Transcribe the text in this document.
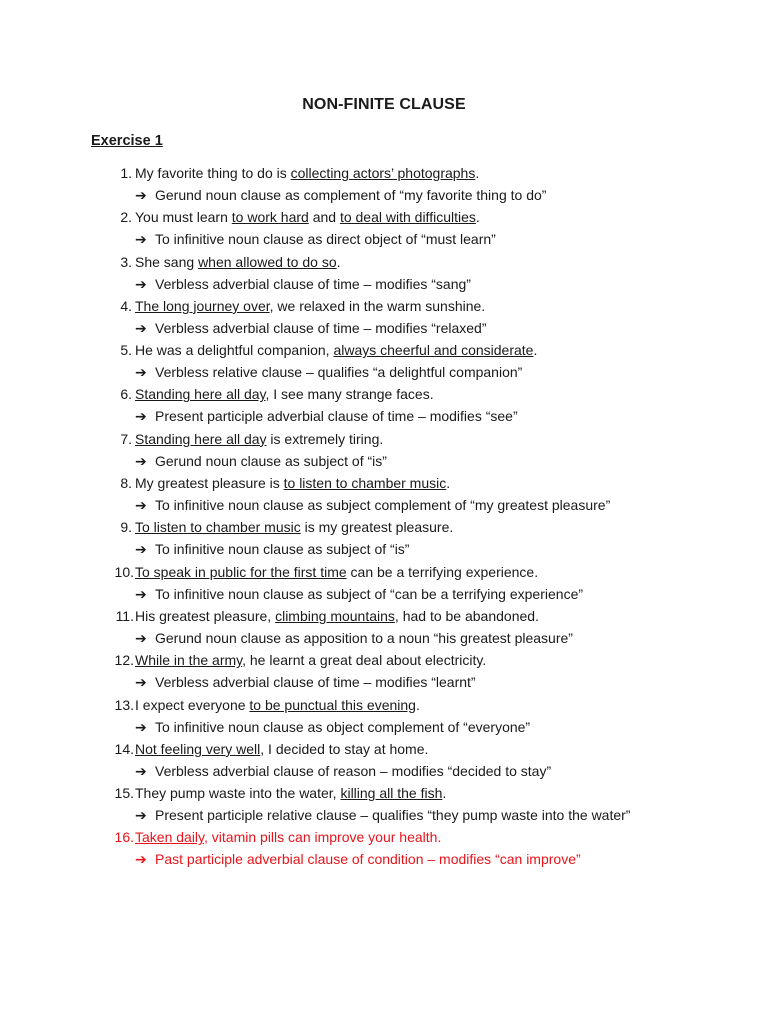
NON-FINITE CLAUSE
Exercise 1
1. My favorite thing to do is collecting actors’ photographs.
➔ Gerund noun clause as complement of “my favorite thing to do”
2. You must learn to work hard and to deal with difficulties.
➔ To infinitive noun clause as direct object of “must learn”
3. She sang when allowed to do so.
➔ Verbless adverbial clause of time – modifies “sang”
4. The long journey over, we relaxed in the warm sunshine.
➔ Verbless adverbial clause of time – modifies “relaxed”
5. He was a delightful companion, always cheerful and considerate.
➔ Verbless relative clause – qualifies “a delightful companion”
6. Standing here all day, I see many strange faces.
➔ Present participle adverbial clause of time – modifies “see”
7. Standing here all day is extremely tiring.
➔ Gerund noun clause as subject of “is”
8. My greatest pleasure is to listen to chamber music.
➔ To infinitive noun clause as subject complement of “my greatest pleasure”
9. To listen to chamber music is my greatest pleasure.
➔ To infinitive noun clause as subject of “is”
10. To speak in public for the first time can be a terrifying experience.
➔ To infinitive noun clause as subject of “can be a terrifying experience”
11. His greatest pleasure, climbing mountains, had to be abandoned.
➔ Gerund noun clause as apposition to a noun “his greatest pleasure”
12. While in the army, he learnt a great deal about electricity.
➔ Verbless adverbial clause of time – modifies “learnt”
13. I expect everyone to be punctual this evening.
➔ To infinitive noun clause as object complement of “everyone”
14. Not feeling very well, I decided to stay at home.
➔ Verbless adverbial clause of reason – modifies “decided to stay”
15. They pump waste into the water, killing all the fish.
➔ Present participle relative clause – qualifies “they pump waste into the water”
16. Taken daily, vitamin pills can improve your health.
➔ Past participle adverbial clause of condition – modifies “can improve”
